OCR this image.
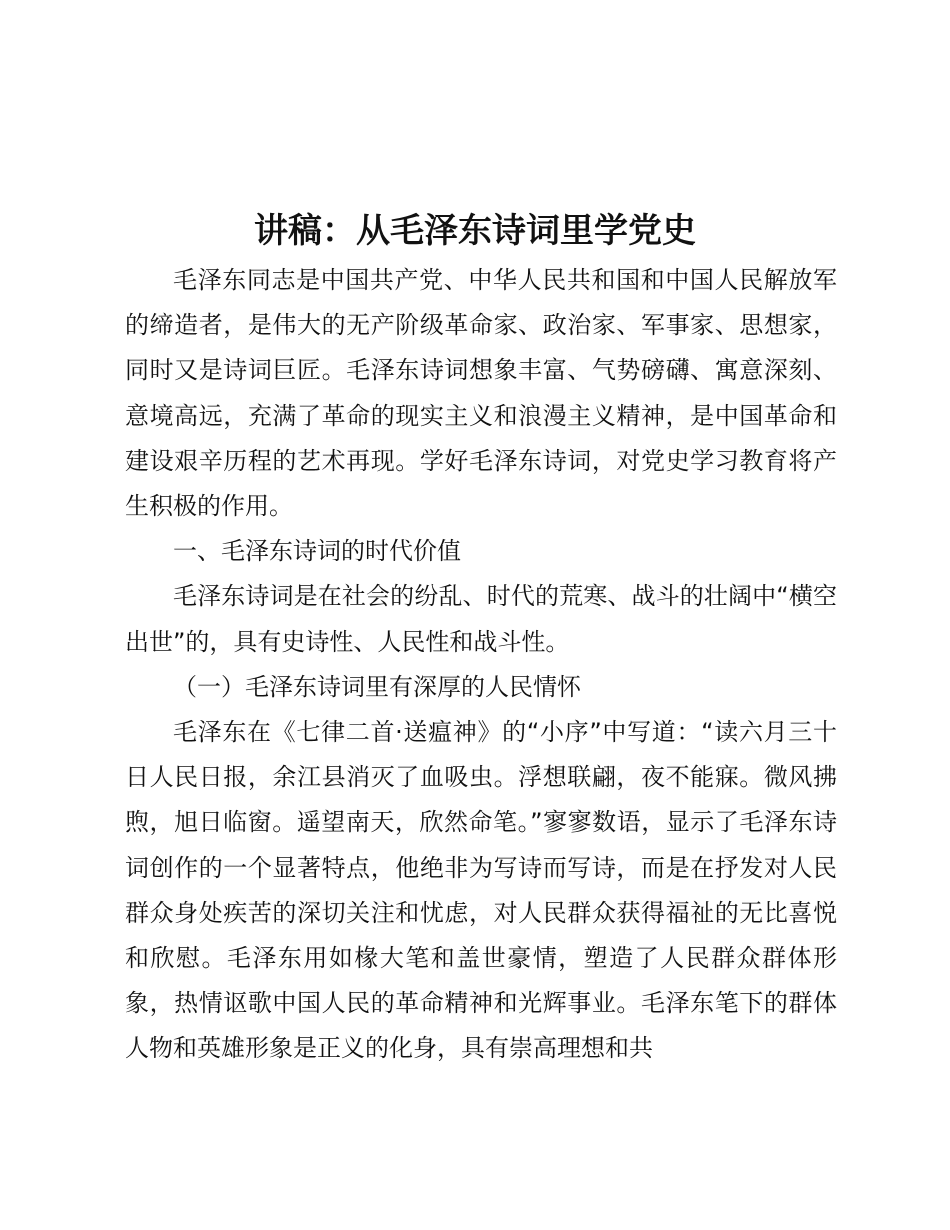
讲稿：从毛泽东诗词里学党史

毛泽东同志是中国共产党、中华人民共和国和中国人民解放军的缔造者，是伟大的无产阶级革命家、政治家、军事家、思想家，同时又是诗词巨匠。毛泽东诗词想象丰富、气势磅礴、寓意深刻、意境高远，充满了革命的现实主义和浪漫主义精神，是中国革命和建设艰辛历程的艺术再现。学好毛泽东诗词，对党史学习教育将产生积极的作用。

一、毛泽东诗词的时代价值

毛泽东诗词是在社会的纷乱、时代的荒寒、战斗的壮阔中“横空出世”的，具有史诗性、人民性和战斗性。

（一）毛泽东诗词里有深厚的人民情怀

毛泽东在《七律二首·送瘟神》的“小序”中写道：“读六月三十日人民日报，余江县消灭了血吸虫。浮想联翩，夜不能寐。微风拂煦，旭日临窗。遥望南天，欣然命笔。”寥寥数语，显示了毛泽东诗词创作的一个显著特点，他绝非为写诗而写诗，而是在抒发对人民群众身处疾苦的深切关注和忧虑，对人民群众获得福祉的无比喜悦和欣慰。毛泽东用如椽大笔和盖世豪情，塑造了人民群众群体形象，热情讴歌中国人民的革命精神和光辉事业。毛泽东笔下的群体人物和英雄形象是正义的化身，具有崇高理想和共
